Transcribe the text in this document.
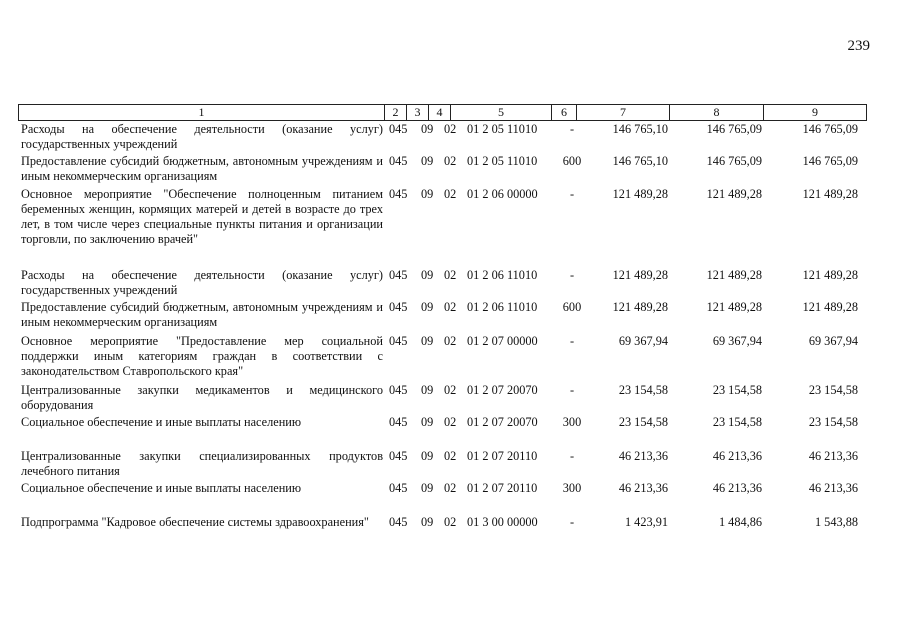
239
1	2	3	4	5	6	7	8	9
Расходы на обеспечение деятельности (оказание услуг) государственных учреждений
045 09 02 01 2 05 11010	-	146 765,10	146 765,09	146 765,09
Предоставление субсидий бюджетным, автономным учреждениям и иным некоммерческим организациям
045 09 02 01 2 05 11010 600	146 765,10	146 765,09	146 765,09
Основное мероприятие "Обеспечение полноценным питанием беременных женщин, кормящих матерей и детей в возрасте до трех лет, в том числе через специальные пункты питания и организации торговли, по заключению врачей"
045 09 02 01 2 06 00000	-	121 489,28	121 489,28	121 489,28
Расходы на обеспечение деятельности (оказание услуг) государственных учреждений
045 09 02 01 2 06 11010	-	121 489,28	121 489,28	121 489,28
Предоставление субсидий бюджетным, автономным учреждениям и иным некоммерческим организациям
045 09 02 01 2 06 11010 600	121 489,28	121 489,28	121 489,28
Основное мероприятие "Предоставление мер социальной поддержки иным категориям граждан в соответствии с законодательством Ставропольского края"
045 09 02 01 2 07 00000	-	69 367,94	69 367,94	69 367,94
Централизованные закупки медикаментов и медицинского оборудования
045 09 02 01 2 07 20070	-	23 154,58	23 154,58	23 154,58
Социальное обеспечение и иные выплаты населению	045 09 02 01 2 07 20070 300	23 154,58	23 154,58	23 154,58
Централизованные закупки специализированных продуктов лечебного питания
045 09 02 01 2 07 20110	-	46 213,36	46 213,36	46 213,36
Социальное обеспечение и иные выплаты населению	045 09 02 01 2 07 20110 300	46 213,36	46 213,36	46 213,36
Подпрограмма "Кадровое обеспечение системы здравоохранения"	045 09 02 01 3 00 00000	-	1 423,91	1 484,86	1 543,88
